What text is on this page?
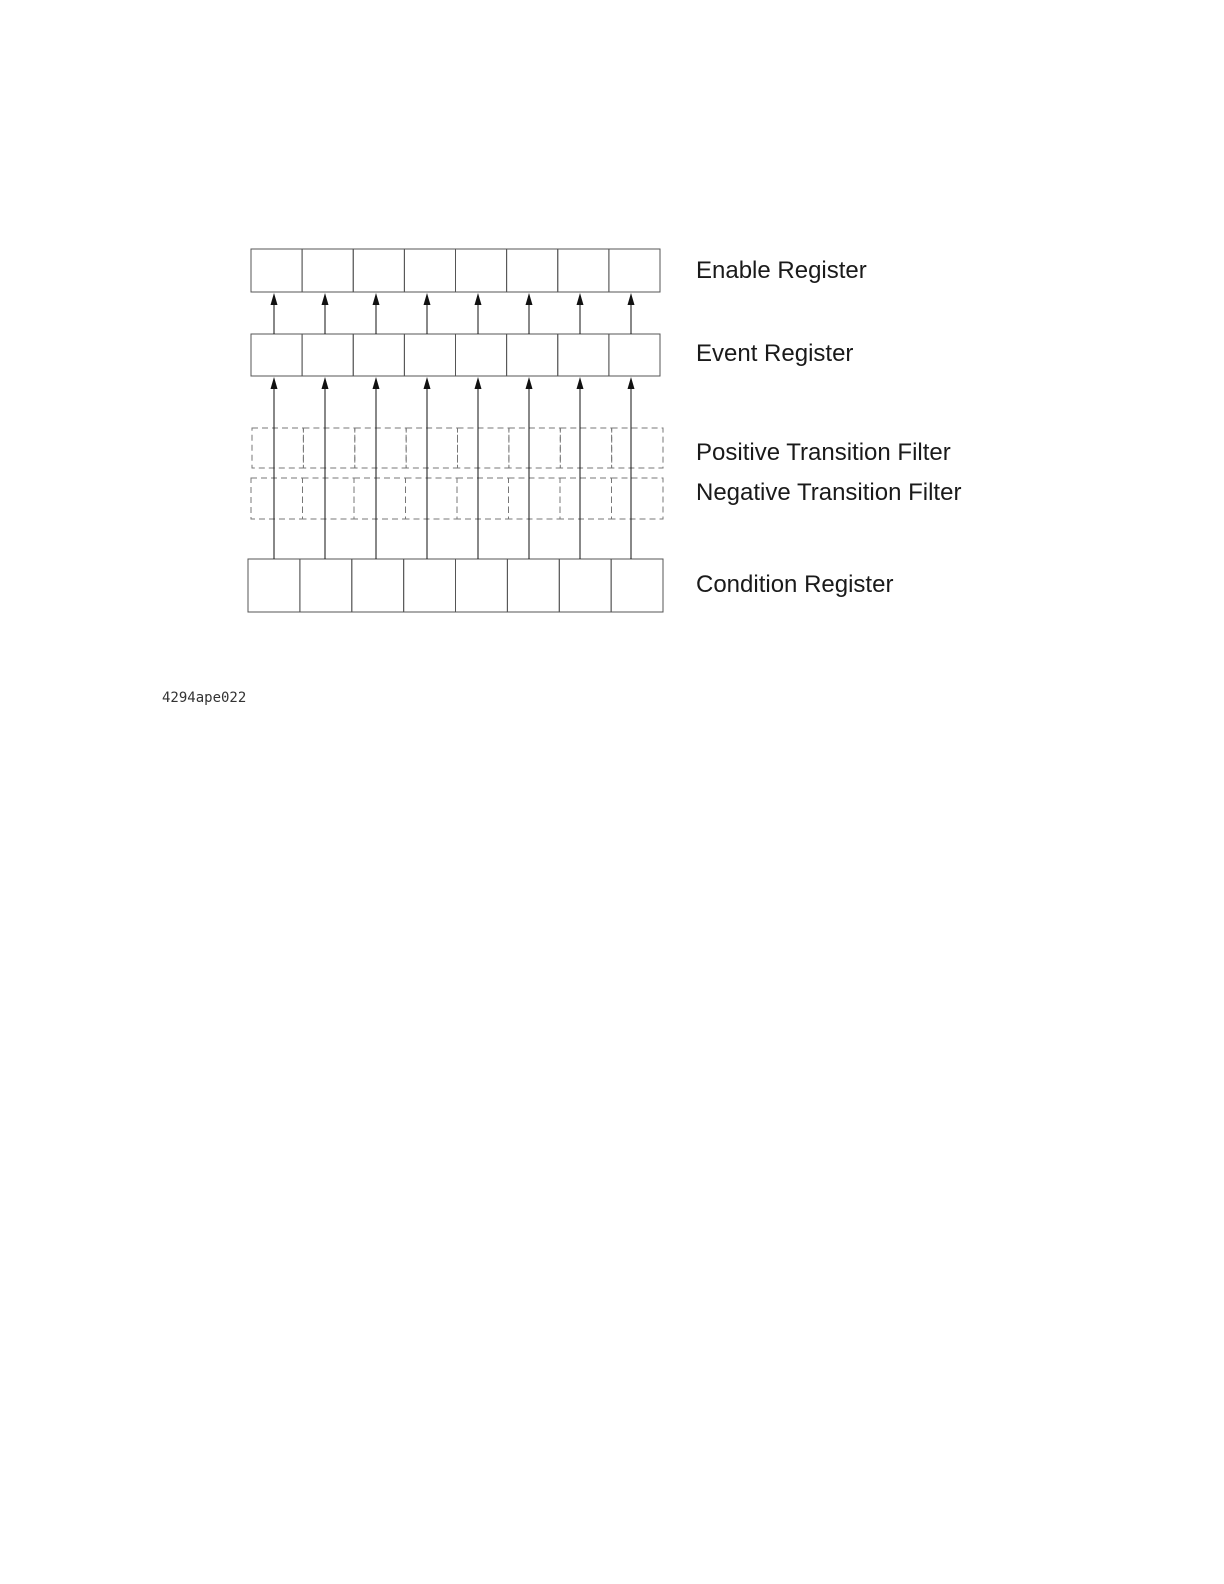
Enable Register
Event Register
Positive Transition Filter
Negative Transition Filter
Condition Register
4294ape022
